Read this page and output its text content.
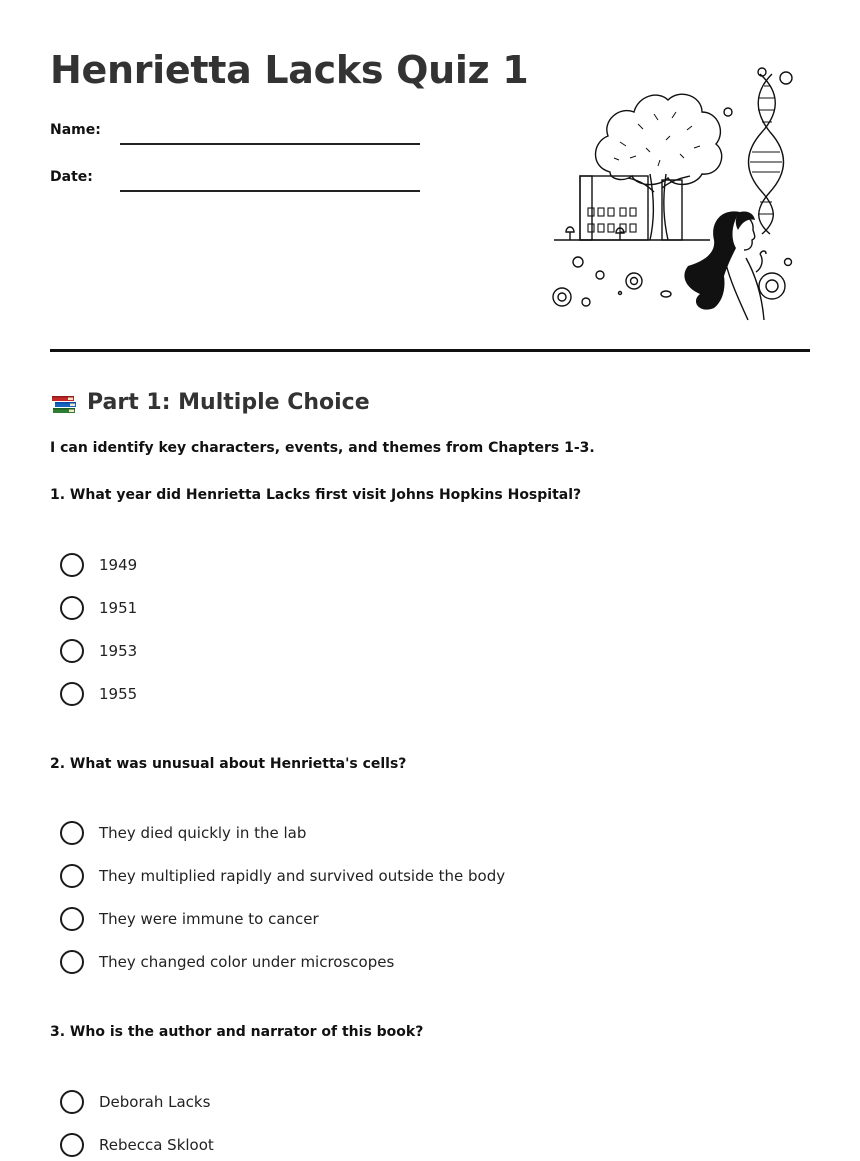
Henrietta Lacks Quiz 1
Name:
Date:
Part 1: Multiple Choice
I can identify key characters, events, and themes from Chapters 1-3.
1. What year did Henrietta Lacks first visit Johns Hopkins Hospital?
1949
1951
1953
1955
2. What was unusual about Henrietta's cells?
They died quickly in the lab
They multiplied rapidly and survived outside the body
They were immune to cancer
They changed color under microscopes
3. Who is the author and narrator of this book?
Deborah Lacks
Rebecca Skloot
